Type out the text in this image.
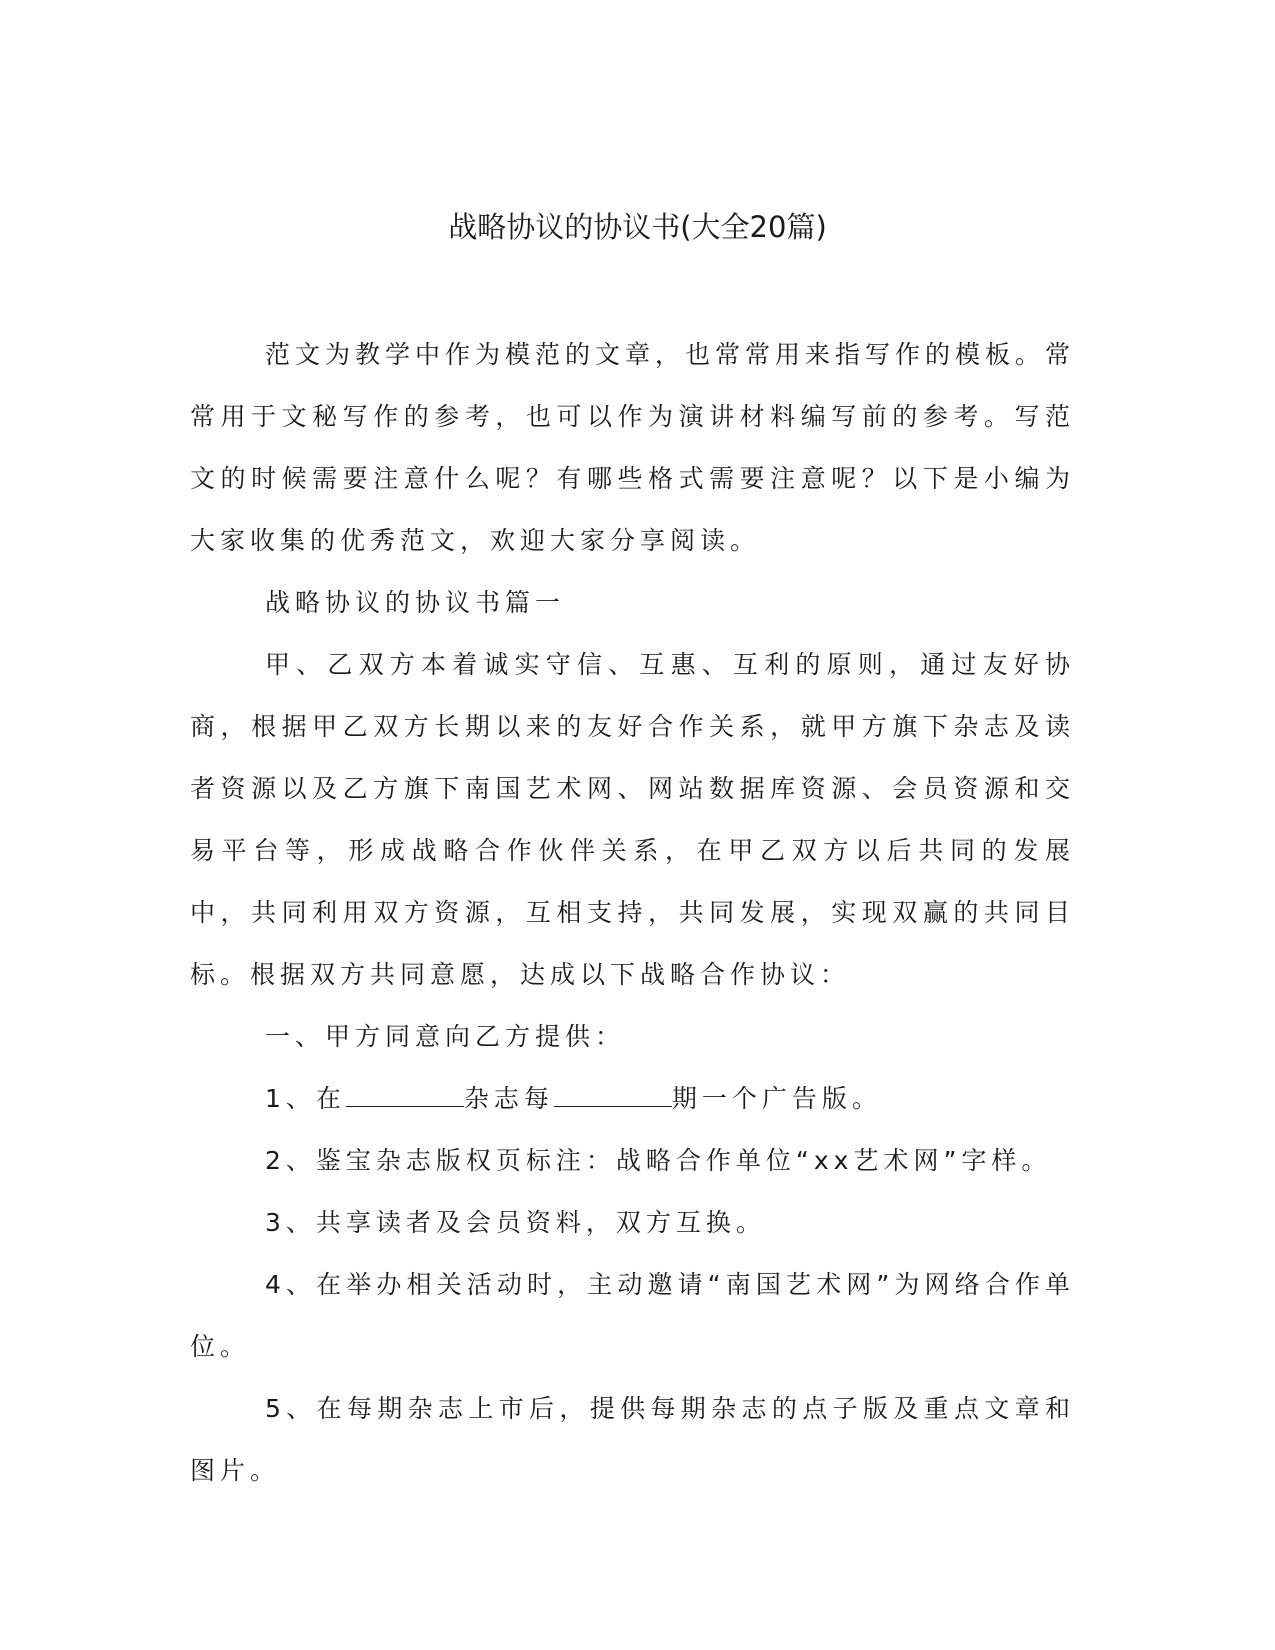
战略协议的协议书(大全20篇)

范文为教学中作为模范的文章，也常常用来指写作的模板。常常用于文秘写作的参考，也可以作为演讲材料编写前的参考。写范文的时候需要注意什么呢？有哪些格式需要注意呢？以下是小编为大家收集的优秀范文，欢迎大家分享阅读。

战略协议的协议书篇一

甲、乙双方本着诚实守信、互惠、互利的原则，通过友好协商，根据甲乙双方长期以来的友好合作关系，就甲方旗下杂志及读者资源以及乙方旗下南国艺术网、网站数据库资源、会员资源和交易平台等，形成战略合作伙伴关系，在甲乙双方以后共同的发展中，共同利用双方资源，互相支持，共同发展，实现双赢的共同目标。根据双方共同意愿，达成以下战略合作协议：

一、甲方同意向乙方提供：

1、在	杂志每	期一个广告版。

2、鉴宝杂志版权页标注：战略合作单位“xx艺术网”字样。

3、共享读者及会员资料，双方互换。

4、在举办相关活动时，主动邀请“南国艺术网”为网络合作单位。

5、在每期杂志上市后，提供每期杂志的点子版及重点文章和图片。
